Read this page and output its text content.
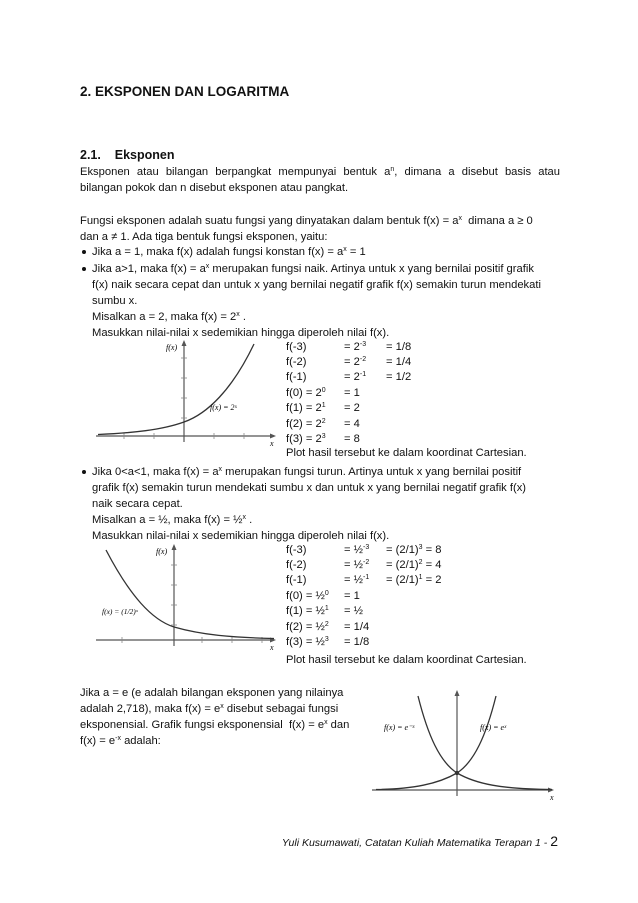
2. EKSPONEN DAN LOGARITMA
2.1.    Eksponen
Eksponen atau bilangan berpangkat mempunyai bentuk $a^n$, dimana a disebut basis atau bilangan pokok dan n disebut eksponen atau pangkat.
Fungsi eksponen adalah suatu fungsi yang dinyatakan dalam bentuk $f(x) = a^x$  dimana a ≥ 0
dan a ≠ 1. Ada tiga bentuk fungsi eksponen, yaitu:
Jika a = 1, maka f(x) adalah fungsi konstan $f(x) = a^x = 1$
Jika a>1, maka $f(x) = a^x$ merupakan fungsi naik. Artinya untuk x yang bernilai positif grafik
f(x) naik secara cepat dan untuk x yang bernilai negatif grafik f(x) semakin turun mendekati
sumbu x.
Misalkan a = 2, maka $f(x) = 2^x$ .
Masukkan nilai-nilai x sedemikian hingga diperoleh nilai f(x).
f(x)
f(x) = 2ˣ
x
f(-3)	= $2^{-3} = 1/8$
f(-2)	= $2^{-2} = 1/4$
f(-1)	= $2^{-1} = 1/2$
$f(0) = 2^0 = 1$
$f(1) = 2^1 = 2$
$f(2) = 2^2 = 4$
$f(3) = 2^3 = 8$
Plot hasil tersebut ke dalam koordinat Cartesian.
Jika 0<a<1, maka $f(x) = a^x$ merupakan fungsi turun. Artinya untuk x yang bernilai positif
grafik f(x) semakin turun mendekati sumbu x dan untuk x yang bernilai negatif grafik f(x)
naik secara cepat.
Misalkan a = ½, maka f(x) = ½$^x$ .
Masukkan nilai-nilai x sedemikian hingga diperoleh nilai f(x).
f(x)
f(x) = (1/2)ˣ
x
f(-3)	= ½$^{-3}$ = $(2/1)^3 = 8$
f(-2)	= ½$^{-2}$ = $(2/1)^2 = 4$
f(-1)	= ½$^{-1}$ = $(2/1)^1 = 2$
f(0) = ½$^0$ = 1
f(1) = ½$^1$ = ½
f(2) = ½$^2$ = 1/4
f(3) = ½$^3$ = 1/8
Plot hasil tersebut ke dalam koordinat Cartesian.
Jika a = e (e adalah bilangan eksponen yang nilainya
adalah 2,718), maka $f(x) = e^x$ disebut sebagai fungsi
eksponensial. Grafik fungsi eksponensial  $f(x) = e^x$ dan
$f(x) = e^{-x}$ adalah:
f(x) = e⁻ˣ	f(x) = eˣ
x
Yuli Kusumawati, Catatan Kuliah Matematika Terapan 1 - 2
